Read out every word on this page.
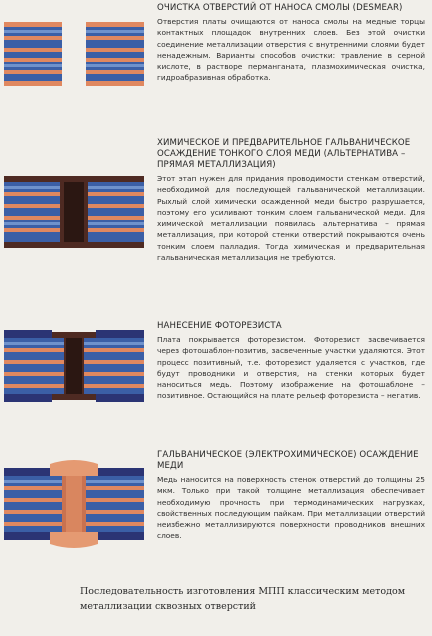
ОЧИСТКА ОТВЕРСТИЙ ОТ НАНОСА СМОЛЫ (DESMEAR)

Отверстия платы очищаются от наноса смолы на медные торцы контактных площадок внутренних слоев. Без этой очистки соединение металлизации отверстия с внутренними слоями будет ненадежным. Варианты способов очистки: травление в серной кислоте, в растворе перманганата, плазмохимическая очистка, гидроабразивная обработка.

ХИМИЧЕСКОЕ И ПРЕДВАРИТЕЛЬНОЕ ГАЛЬВАНИЧЕСКОЕ ОСАЖДЕНИЕ ТОНКОГО СЛОЯ МЕДИ (АЛЬТЕРНАТИВА – ПРЯМАЯ МЕТАЛЛИЗАЦИЯ)

Этот этап нужен для придания проводимости стенкам отверстий, необходимой для последующей гальванической металлизации. Рыхлый слой химически осажденной меди быстро разрушается, поэтому его усиливают тонким слоем гальванической меди. Для химической металлизации появилась альтернатива – прямая металлизация, при которой стенки отверстий покрываются очень тонким слоем палладия. Тогда химическая и предварительная гальваническая металлизация не требуются.

НАНЕСЕНИЕ ФОТОРЕЗИСТА

Плата покрывается фоторезистом. Фоторезист засвечивается через фотошаблон-позитив, засвеченные участки удаляются. Этот процесс позитивный, т.е. фоторезист удаляется с участков, где будут проводники и отверстия, на стенки которых будет наноситься медь. Поэтому изображение на фотошаблоне – позитивное. Остающийся на плате рельеф фоторезиста – негатив.

ГАЛЬВАНИЧЕСКОЕ (ЭЛЕКТРОХИМИЧЕСКОЕ) ОСАЖДЕНИЕ МЕДИ

Медь наносится на поверхность стенок отверстий до толщины 25 мкм. Только при такой толщине металлизация обеспечивает необходимую прочность при термодинамических нагрузках, свойственных последующим пайкам. При металлизации отверстий неизбежно металлизируются поверхности проводников внешних слоев.

Последовательность изготовления МПП классическим методом металлизации сквозных отверстий
